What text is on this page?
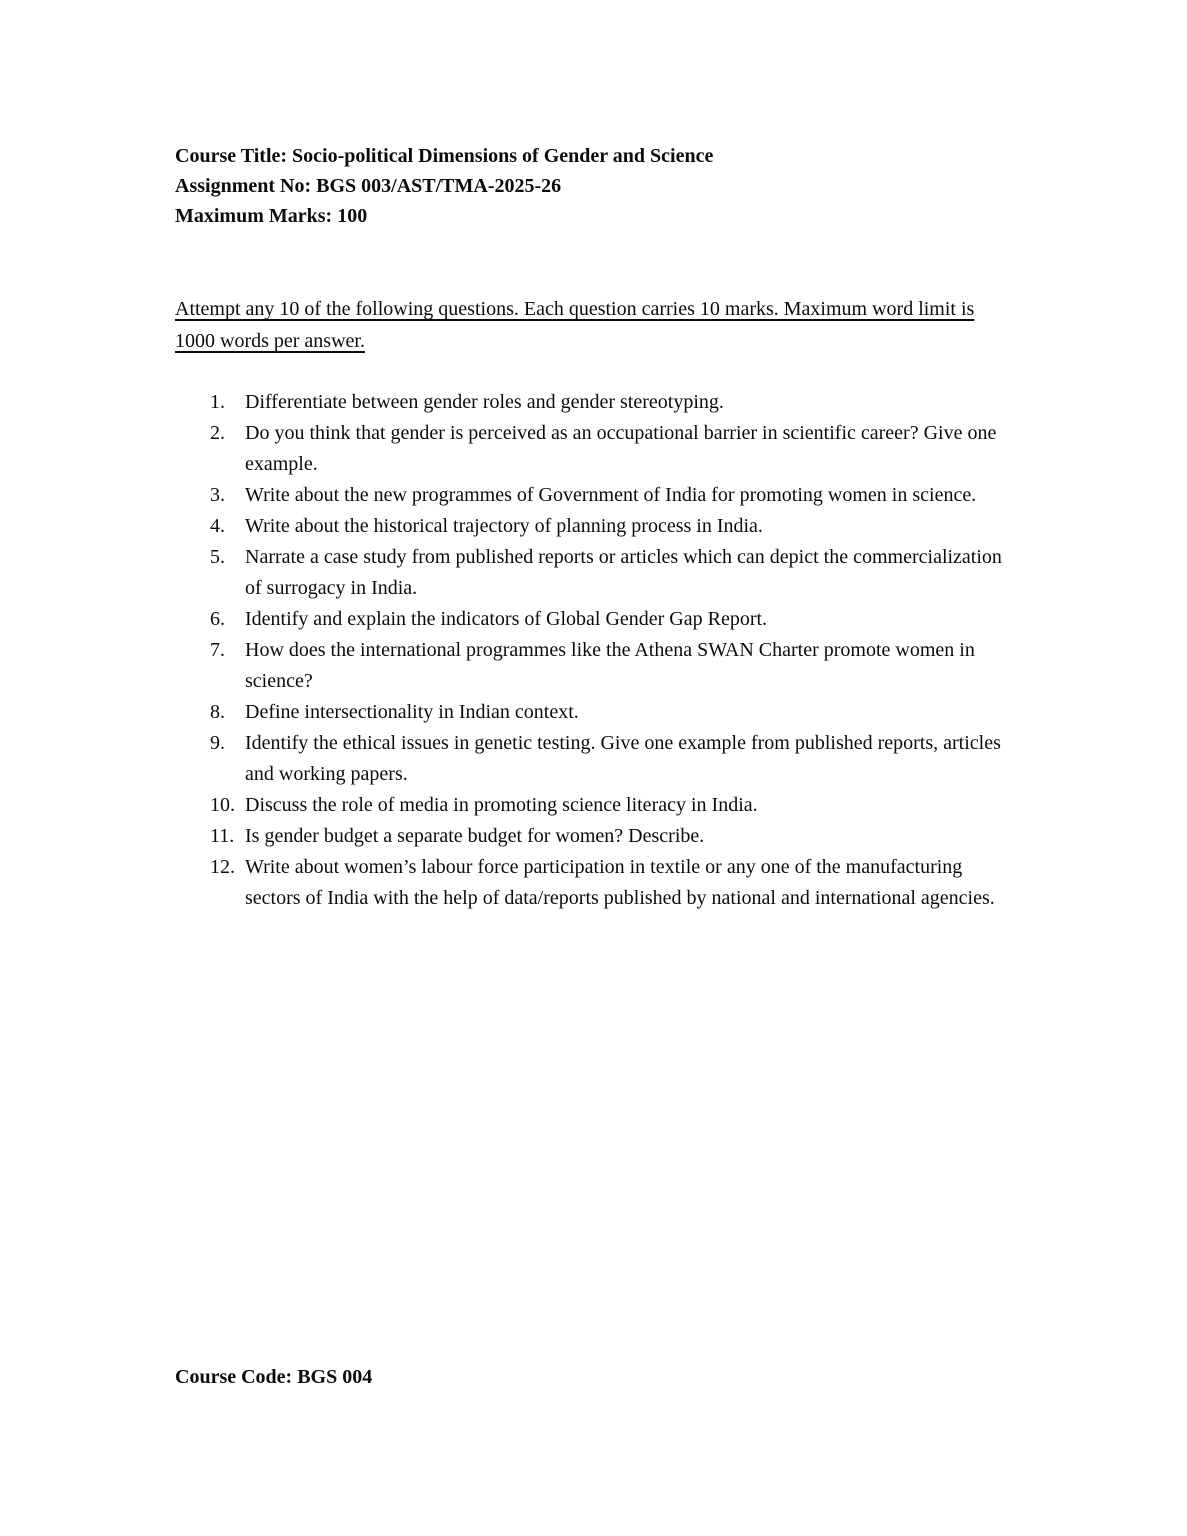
Course Title: Socio-political Dimensions of Gender and Science

Assignment No: BGS 003/AST/TMA-2025-26

Maximum Marks: 100

Attempt any 10 of the following questions. Each question carries 10 marks. Maximum word limit is 1000 words per answer.

1.	Differentiate between gender roles and gender stereotyping.
2.	Do you think that gender is perceived as an occupational barrier in scientific career? Give one example.
3.	Write about the new programmes of Government of India for promoting women in science.
4.	Write about the historical trajectory of planning process in India.
5.	Narrate a case study from published reports or articles which can depict the commercialization of surrogacy in India.
6.	Identify and explain the indicators of Global Gender Gap Report.
7.	How does the international programmes like the Athena SWAN Charter promote women in science?
8.	Define intersectionality in Indian context.
9.	Identify the ethical issues in genetic testing. Give one example from published reports, articles and working papers.
10. Discuss the role of media in promoting science literacy in India.
11. Is gender budget a separate budget for women? Describe.
12. Write about women’s labour force participation in textile or any one of the manufacturing sectors of India with the help of data/reports published by national and international agencies.

Course Code: BGS 004
